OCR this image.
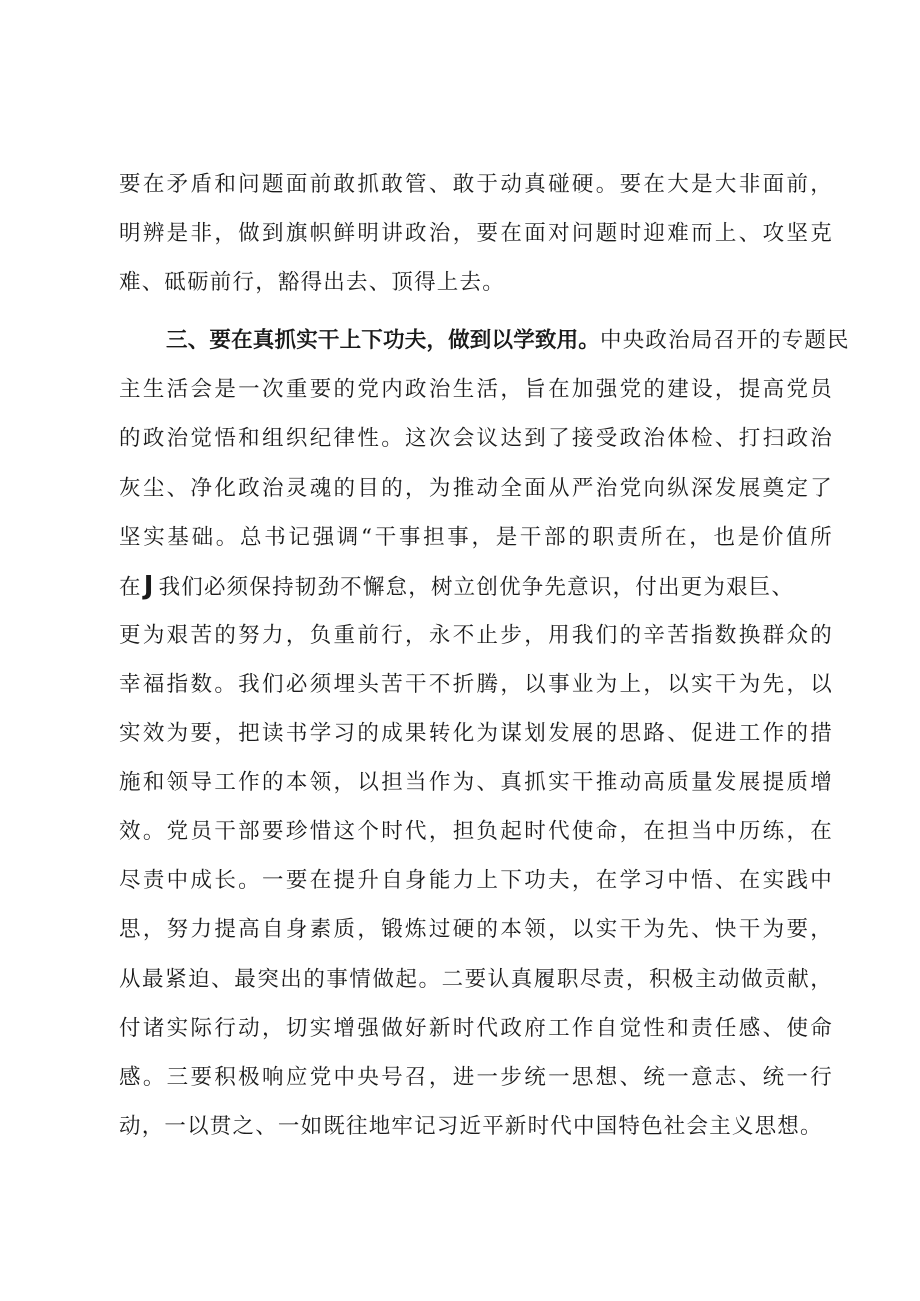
要在矛盾和问题面前敢抓敢管、敢于动真碰硬。要在大是大非面前，
明辨是非，做到旗帜鲜明讲政治，要在面对问题时迎难而上、攻坚克
难、砥砺前行，豁得出去、顶得上去。
三、要在真抓实干上下功夫，做到以学致用。中央政治局召开的专题民
主生活会是一次重要的党内政治生活，旨在加强党的建设，提高党员
的政治觉悟和组织纪律性。这次会议达到了接受政治体检、打扫政治
灰尘、净化政治灵魂的目的，为推动全面从严治党向纵深发展奠定了
坚实基础。总书记强调“干事担事，是干部的职责所在，也是价值所
在J 我们必须保持韧劲不懈怠，树立创优争先意识，付出更为艰巨、
更为艰苦的努力，负重前行，永不止步，用我们的辛苦指数换群众的
幸福指数。我们必须埋头苦干不折腾，以事业为上，以实干为先，以
实效为要，把读书学习的成果转化为谋划发展的思路、促进工作的措
施和领导工作的本领，以担当作为、真抓实干推动高质量发展提质增
效。党员干部要珍惜这个时代，担负起时代使命，在担当中历练，在
尽责中成长。一要在提升自身能力上下功夫，在学习中悟、在实践中
思，努力提高自身素质，锻炼过硬的本领，以实干为先、快干为要，
从最紧迫、最突出的事情做起。二要认真履职尽责，积极主动做贡献，
付诸实际行动，切实增强做好新时代政府工作自觉性和责任感、使命
感。三要积极响应党中央号召，进一步统一思想、统一意志、统一行
动，一以贯之、一如既往地牢记习近平新时代中国特色社会主义思想。
